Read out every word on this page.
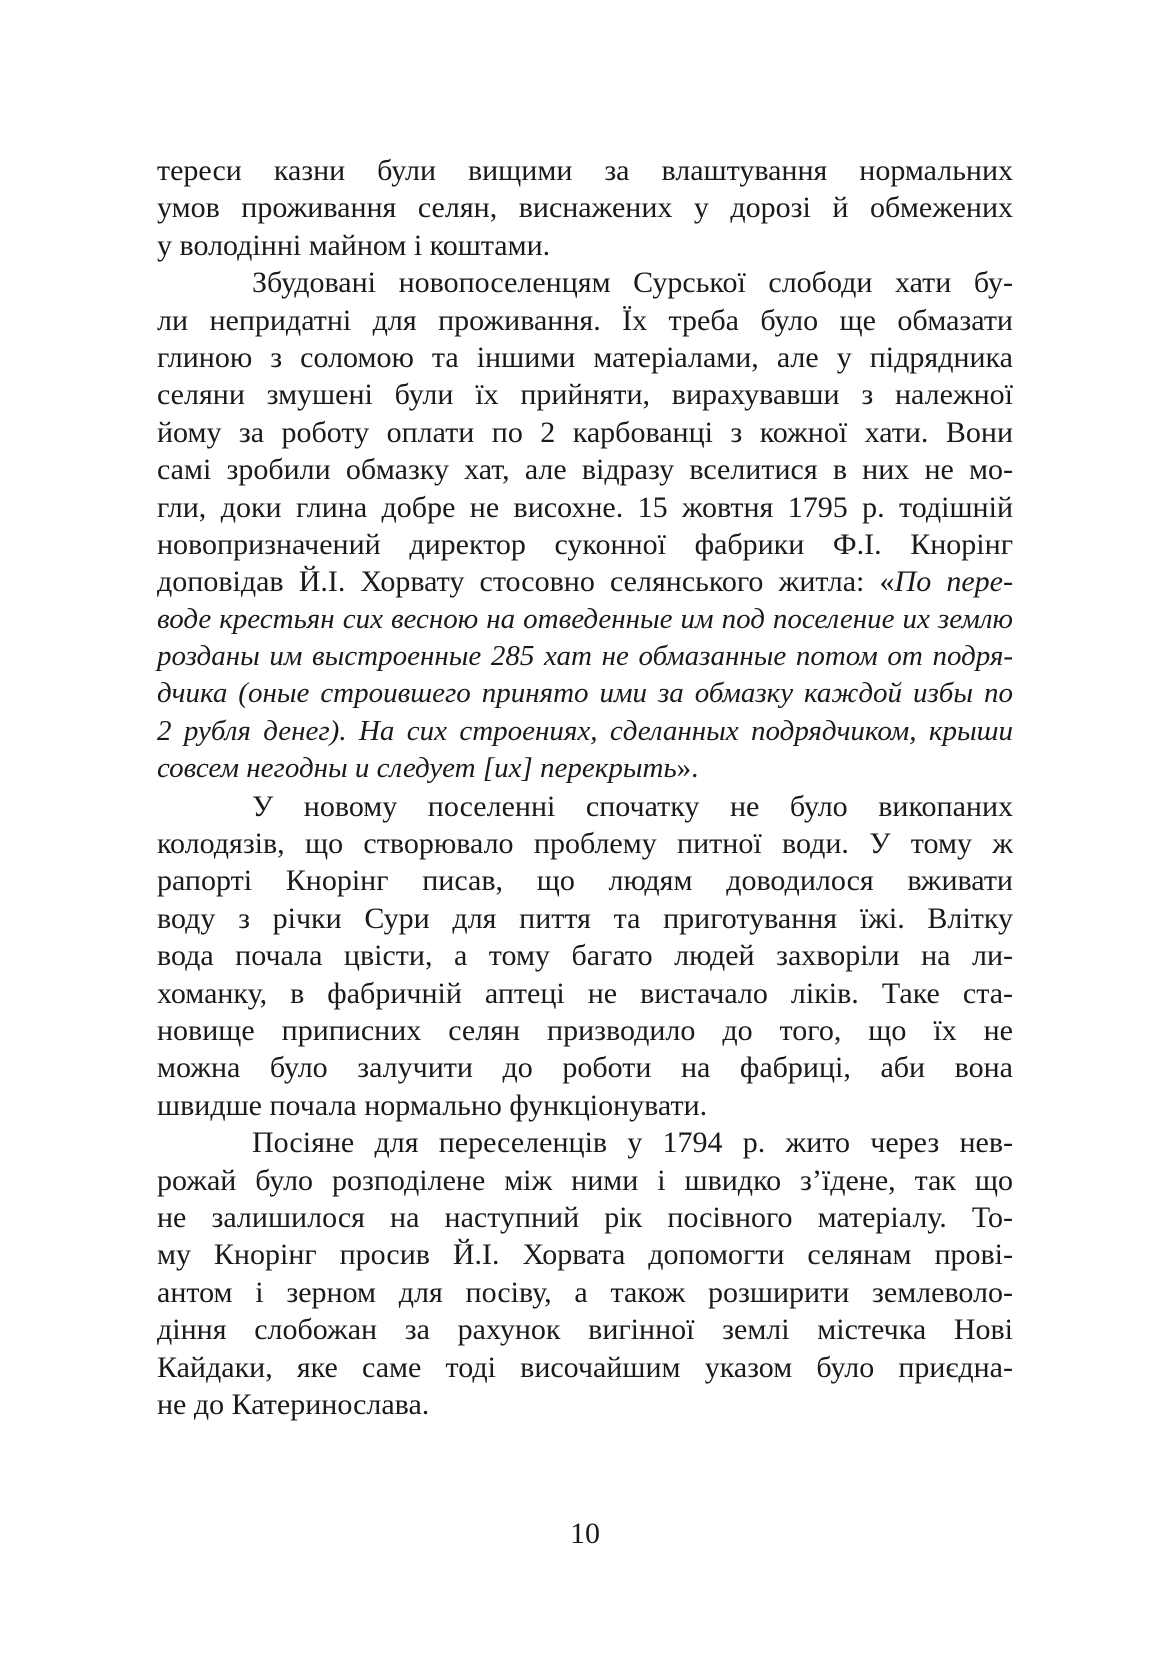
тереси казни були вищими за влаштування нормальних
умов проживання селян, виснажених у дорозі й обмежених
у володінні майном і коштами.
Збудовані новопоселенцям Сурської слободи хати бу-
ли непридатні для проживання. Їх треба було ще обмазати
глиною з соломою та іншими матеріалами, але у підрядника
селяни змушені були їх прийняти, вирахувавши з належної
йому за роботу оплати по 2 карбованці з кожної хати. Вони
самі зробили обмазку хат, але відразу вселитися в них не мо-
гли, доки глина добре не висохне. 15 жовтня 1795 р. тодішній
новопризначений директор суконної фабрики Ф.І. Кнорінг
доповідав Й.І. Хорвату стосовно селянського житла: «По пере-
воде крестьян сих весною на отведенные им под поселение их землю
розданы им выстроенные 285 хат не обмазанные потом от подря-
дчика (оные строившего принято ими за обмазку каждой избы по
2 рубля денег). На сих строениях, сделанных подрядчиком, крыши
совсем негодны и следует [их] перекрыть».
У новому поселенні спочатку не було викопаних
колодязів, що створювало проблему питної води. У тому ж
рапорті Кнорінг писав, що людям доводилося вживати
воду з річки Сури для пиття та приготування їжі. Влітку
вода почала цвісти, а тому багато людей захворіли на ли-
хоманку, в фабричній аптеці не вистачало ліків. Таке ста-
новище приписних селян призводило до того, що їх не
можна було залучити до роботи на фабриці, аби вона
швидше почала нормально функціонувати.
Посіяне для переселенців у 1794 р. жито через нев-
рожай було розподілене між ними і швидко з’їдене, так що
не залишилося на наступний рік посівного матеріалу. То-
му Кнорінг просив Й.І. Хорвата допомогти селянам прові-
антом і зерном для посіву, а також розширити землеволо-
діння слобожан за рахунок вигінної землі містечка Нові
Кайдаки, яке саме тоді височайшим указом було приєдна-
не до Катеринослава.
10
